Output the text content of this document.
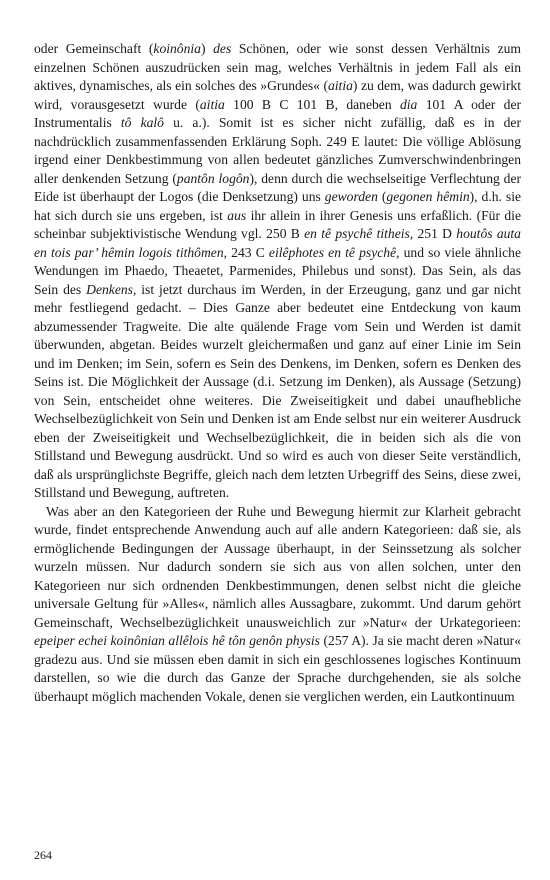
oder Gemeinschaft (koinônia) des Schönen, oder wie sonst dessen Verhältnis zum einzelnen Schönen auszudrücken sein mag, welches Verhältnis in jedem Fall als ein aktives, dynamisches, als ein solches des »Grundes« (aitia) zu dem, was dadurch gewirkt wird, vorausgesetzt wurde (aitia 100 B C 101 B, daneben dia 101 A oder der Instrumentalis tô kalô u. a.). Somit ist es sicher nicht zufällig, daß es in der nachdrücklich zusammenfassenden Erklärung Soph. 249 E lautet: Die völlige Ablösung irgend einer Denkbestimmung von allen bedeutet gänzliches Zumverschwindenbringen aller denkenden Setzung (pantôn logôn), denn durch die wechselseitige Verflechtung der Eide ist überhaupt der Logos (die Denksetzung) uns geworden (gegonen hêmin), d.h. sie hat sich durch sie uns ergeben, ist aus ihr allein in ihrer Genesis uns erfaßlich. (Für die scheinbar subjektivistische Wendung vgl. 250 B en tê psychê titheis, 251 D houtôs auta en tois par’ hêmin logois tithômen, 243 C eilêphotes en tê psychê, und so viele ähnliche Wendungen im Phaedo, Theaetet, Parmenides, Philebus und sonst). Das Sein, als das Sein des Denkens, ist jetzt durchaus im Werden, in der Erzeugung, ganz und gar nicht mehr festliegend gedacht. – Dies Ganze aber bedeutet eine Entdeckung von kaum abzumessender Tragweite. Die alte quälende Frage vom Sein und Werden ist damit überwunden, abgetan. Beides wurzelt gleichermaßen und ganz auf einer Linie im Sein und im Denken; im Sein, sofern es Sein des Denkens, im Denken, sofern es Denken des Seins ist. Die Möglichkeit der Aussage (d.i. Setzung im Denken), als Aussage (Setzung) von Sein, entscheidet ohne weiteres. Die Zweiseitigkeit und dabei unaufhebliche Wechselbezüglichkeit von Sein und Denken ist am Ende selbst nur ein weiterer Ausdruck eben der Zweiseitigkeit und Wechselbezüglichkeit, die in beiden sich als die von Stillstand und Bewegung ausdrückt. Und so wird es auch von dieser Seite verständlich, daß als ursprünglichste Begriffe, gleich nach dem letzten Urbegriff des Seins, diese zwei, Stillstand und Bewegung, auftreten.

Was aber an den Kategorieen der Ruhe und Bewegung hiermit zur Klarheit gebracht wurde, findet entsprechende Anwendung auch auf alle andern Kategorieen: daß sie, als ermöglichende Bedingungen der Aussage überhaupt, in der Seinssetzung als solcher wurzeln müssen. Nur dadurch sondern sie sich aus von allen solchen, unter den Kategorieen nur sich ordnenden Denkbestimmungen, denen selbst nicht die gleiche universale Geltung für »Alles«, nämlich alles Aussagbare, zukommt. Und darum gehört Gemeinschaft, Wechselbezüglichkeit unausweichlich zur »Natur« der Urkategorieen: epeiper echei koinônian allêlois hê tôn genôn physis (257 A). Ja sie macht deren »Natur« gradezu aus. Und sie müssen eben damit in sich ein geschlossenes logisches Kontinuum darstellen, so wie die durch das Ganze der Sprache durchgehenden, sie als solche überhaupt möglich machenden Vokale, denen sie verglichen werden, ein Lautkontinuum

264
